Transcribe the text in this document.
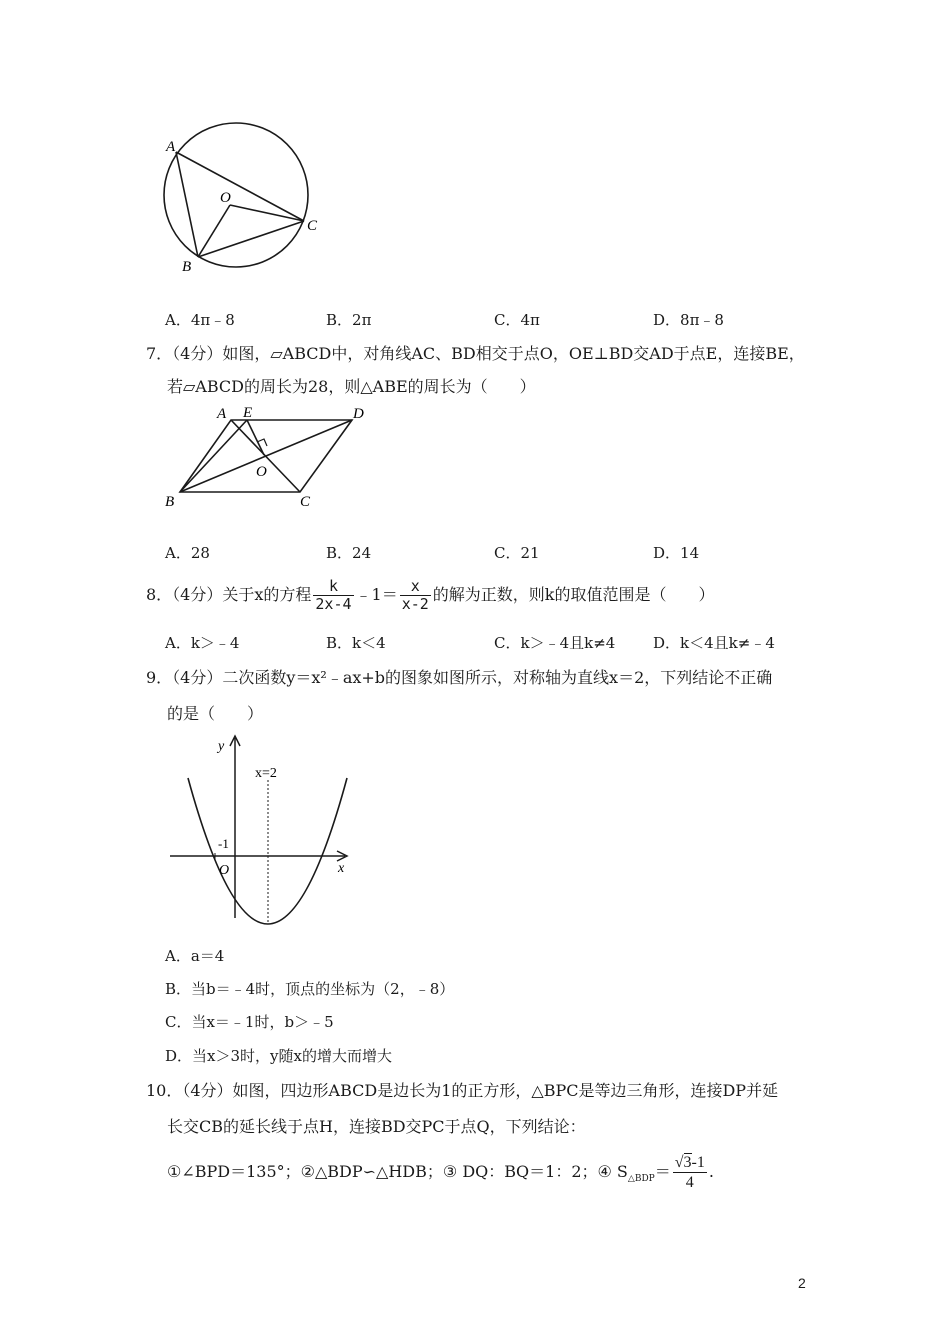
A
O
C
B
A．4π﹣8	B．2π	C．4π	D．8π﹣8
7．（4分）如图，▱ABCD中，对角线AC、BD相交于点O，OE⊥BD交AD于点E，连接BE，
若▱ABCD的周长为28，则△ABE的周长为（　　）
A E	D
O
B	C
A．28	B．24	C．21	D．14
8．（4分）关于x的方程 $\frac{k}{2x-4}$ ﹣1＝ $\frac{x}{x-2}$ 的解为正数，则k的取值范围是（　　）
A．k＞﹣4	B．k＜4	C．k＞﹣4且k≠4	D．k＜4且k≠﹣4
9．（4分）二次函数y＝x²﹣ax+b的图象如图所示，对称轴为直线x＝2，下列结论不正确
的是（　　）
y
x
x=2
-1
O
A．a＝4
B．当b＝﹣4时，顶点的坐标为（2，﹣8）
C．当x＝﹣1时，b＞﹣5
D．当x＞3时，y随x的增大而增大
10．（4分）如图，四边形ABCD是边长为1的正方形，△BPC是等边三角形，连接DP并延
长交CB的延长线于点H，连接BD交PC于点Q，下列结论：
①∠BPD＝135°；②△BDP∽△HDB；③ DQ：BQ＝1：2；④ $S_{\triangle BDP}= \frac{√3-1}{4}$ .
2
